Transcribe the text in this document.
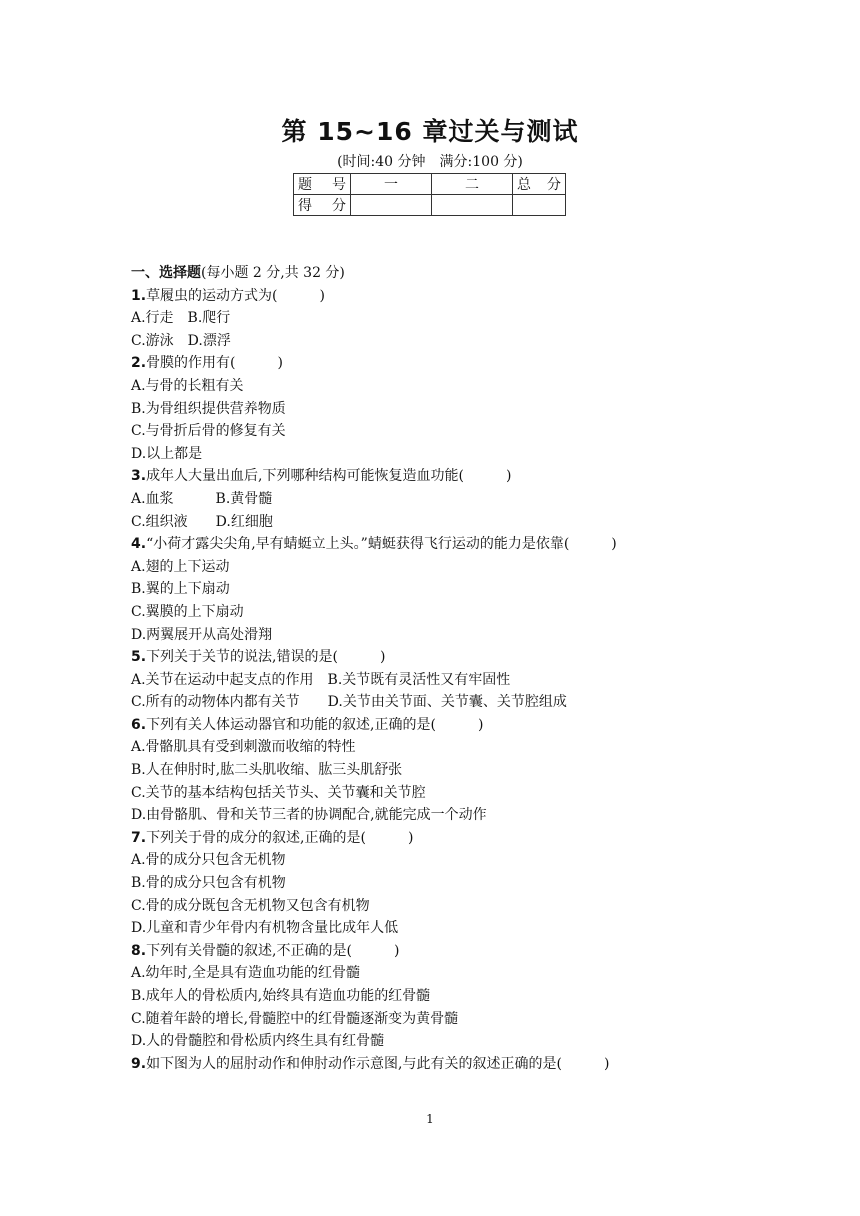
第 15~16 章过关与测试
(时间:40 分钟　满分:100 分)
题　号	一	二	总　分
得　分			
一、选择题(每小题 2 分,共 32 分)
1.草履虫的运动方式为(　　　)
A.行走　B.爬行
C.游泳　D.漂浮
2.骨膜的作用有(　　　)
A.与骨的长粗有关
B.为骨组织提供营养物质
C.与骨折后骨的修复有关
D.以上都是
3.成年人大量出血后,下列哪种结构可能恢复造血功能(　　　)
A.血浆　　　B.黄骨髓
C.组织液　　D.红细胞
4.“小荷才露尖尖角,早有蜻蜓立上头。”蜻蜓获得飞行运动的能力是依靠(　　　)
A.翅的上下运动
B.翼的上下扇动
C.翼膜的上下扇动
D.两翼展开从高处滑翔
5.下列关于关节的说法,错误的是(　　　)
A.关节在运动中起支点的作用　B.关节既有灵活性又有牢固性
C.所有的动物体内都有关节　　D.关节由关节面、关节囊、关节腔组成
6.下列有关人体运动器官和功能的叙述,正确的是(　　　)
A.骨骼肌具有受到刺激而收缩的特性
B.人在伸肘时,肱二头肌收缩、肱三头肌舒张
C.关节的基本结构包括关节头、关节囊和关节腔
D.由骨骼肌、骨和关节三者的协调配合,就能完成一个动作
7.下列关于骨的成分的叙述,正确的是(　　　)
A.骨的成分只包含无机物
B.骨的成分只包含有机物
C.骨的成分既包含无机物又包含有机物
D.儿童和青少年骨内有机物含量比成年人低
8.下列有关骨髓的叙述,不正确的是(　　　)
A.幼年时,全是具有造血功能的红骨髓
B.成年人的骨松质内,始终具有造血功能的红骨髓
C.随着年龄的增长,骨髓腔中的红骨髓逐渐变为黄骨髓
D.人的骨髓腔和骨松质内终生具有红骨髓
9.如下图为人的屈肘动作和伸肘动作示意图,与此有关的叙述正确的是(　　　)
1
